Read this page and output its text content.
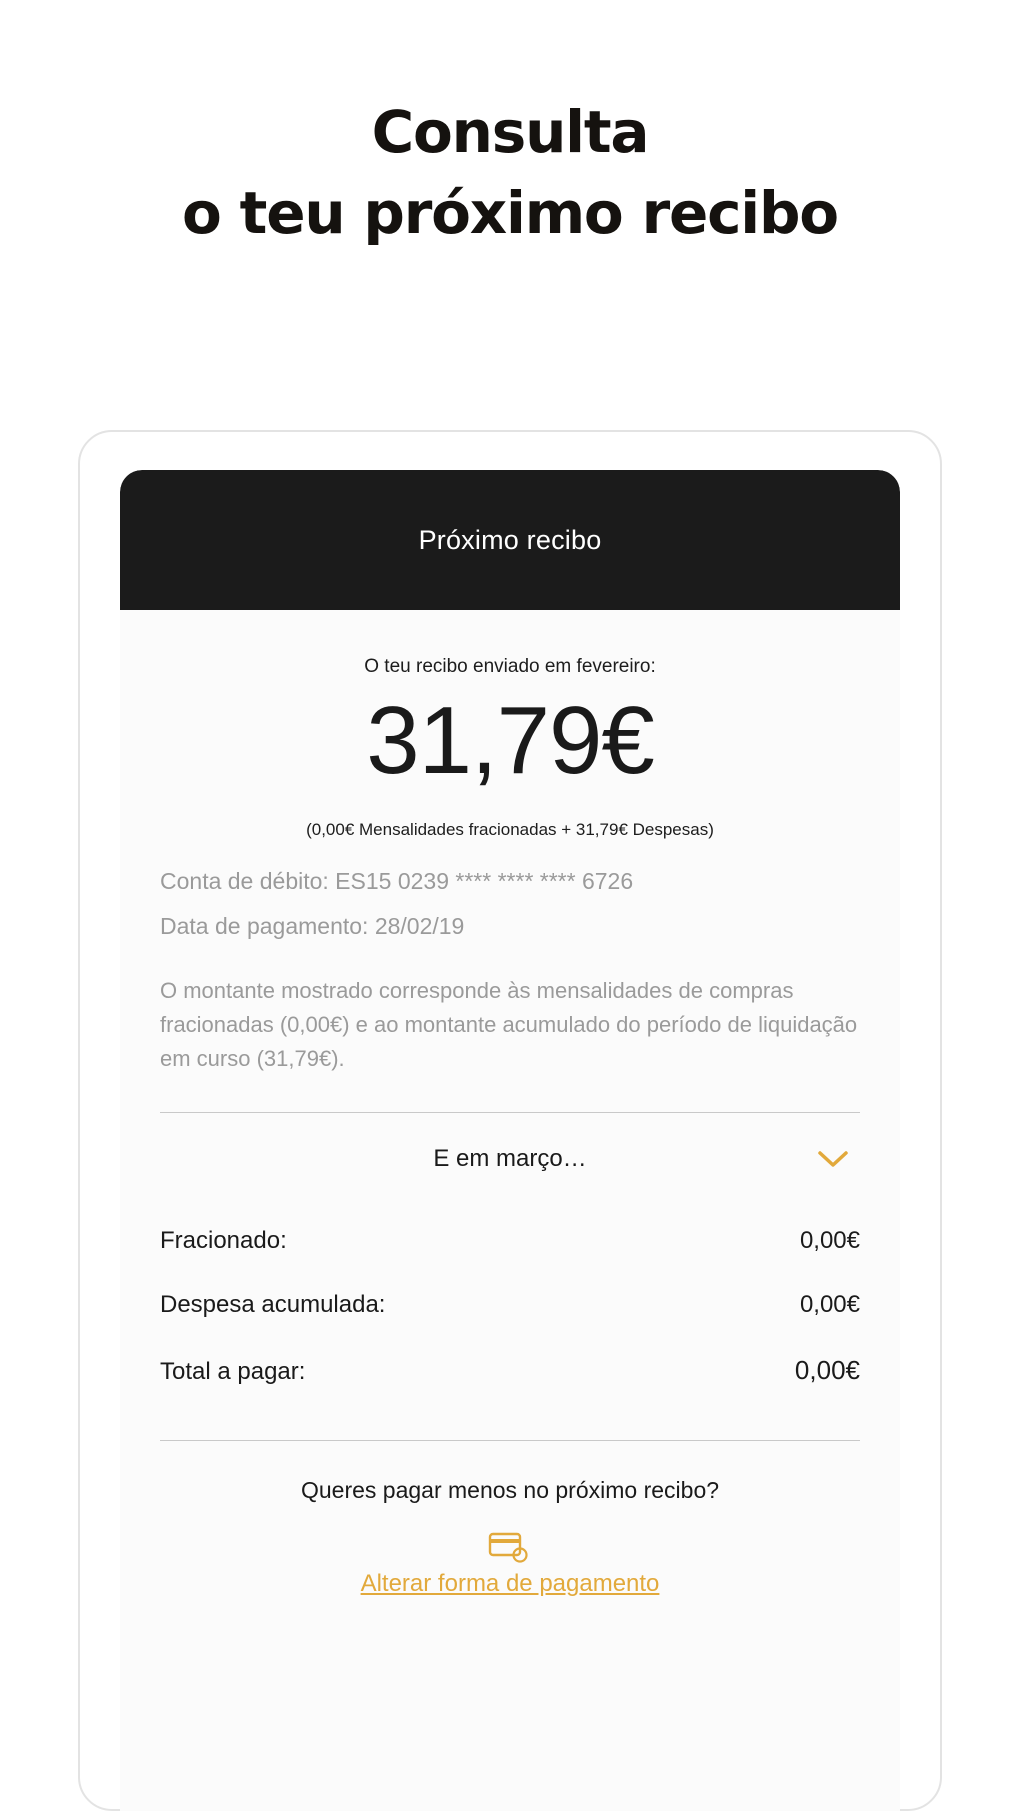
Consulta
o teu próximo recibo
Próximo recibo
O teu recibo enviado em fevereiro:
31,79€
(0,00€ Mensalidades fracionadas + 31,79€ Despesas)
Conta de débito: ES15 0239 **** **** **** 6726
Data de pagamento: 28/02/19
O montante mostrado corresponde às mensalidades de compras fracionadas (0,00€) e ao montante acumulado do período de liquidação em curso (31,79€).
E em março…
Fracionado:	0,00€
Despesa acumulada:	0,00€
Total a pagar:	0,00€
Queres pagar menos no próximo recibo?
Alterar forma de pagamento
